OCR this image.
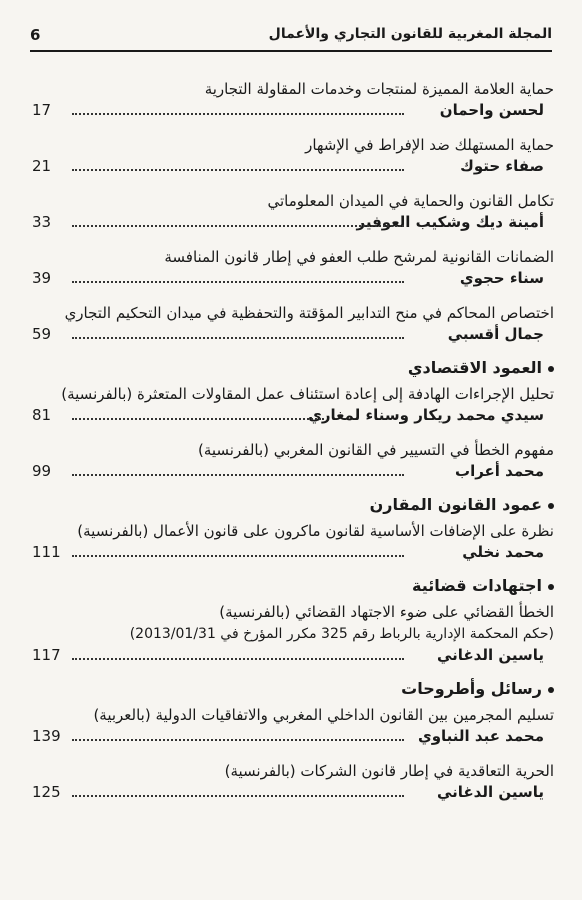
6	المجلة المغربية للقانون التجاري والأعمال
حماية العلامة المميزة لمنتجات وخدمات المقاولة التجارية
لحسن واحمان
17
حماية المستهلك ضد الإفراط في الإشهار
صفاء حتوك
21
تكامل القانون والحماية في الميدان المعلوماتي
أمينة ديك وشكيب العوفير
33
الضمانات القانونية لمرشح طلب العفو في إطار قانون المنافسة
سناء حجوي
39
اختصاص المحاكم في منح التدابير المؤقتة والتحفظية في ميدان التحكيم التجاري
جمال أقسبي
59
العمود الاقتصادي
تحليل الإجراءات الهادفة إلى إعادة استئناف عمل المقاولات المتعثرة (بالفرنسية)
سيدي محمد ريكار وسناء لمغاري
81
مفهوم الخطأ في التسيير في القانون المغربي (بالفرنسية)
محمد أعراب
99
عمود القانون المقارن
نظرة على الإضافات الأساسية لقانون ماكرون على قانون الأعمال (بالفرنسية)
محمد نخلي
111
اجتهادات قضائية
الخطأ القضائي على ضوء الاجتهاد القضائي (بالفرنسية)
(حكم المحكمة الإدارية بالرباط رقم 325 مكرر المؤرخ في 2013/01/31)
ياسين الدغاني
117
رسائل وأطروحات
تسليم المجرمين بين القانون الداخلي المغربي والاتفاقيات الدولية (بالعربية)
محمد عبد النباوي
139
الحرية التعاقدية في إطار قانون الشركات (بالفرنسية)
ياسين الدغاني
125
